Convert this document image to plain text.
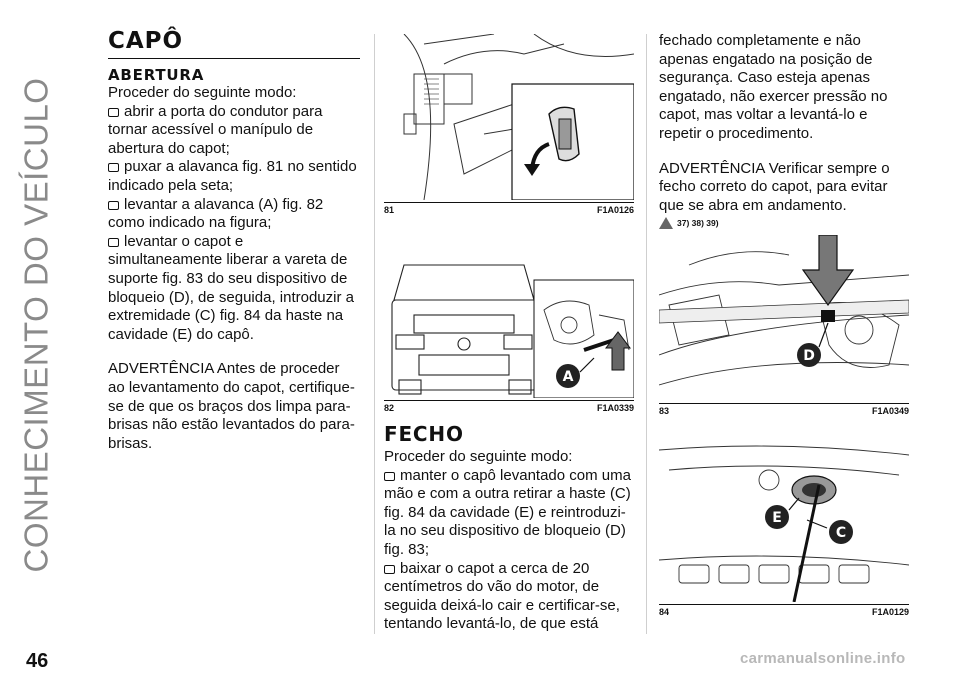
CONHECIMENTO DO VEÍCULO
CAPÔ
ABERTURA
Proceder do seguinte modo:
abrir a porta do condutor para tornar acessível o manípulo de abertura do capot;
puxar a alavanca fig. 81 no sentido indicado pela seta;
levantar a alavanca (A) fig. 82 como indicado na figura;
levantar o capot e simultaneamente liberar a vareta de suporte fig. 83 do seu dispositivo de bloqueio (D), de seguida, introduzir a extremidade (C) fig. 84 da haste na cavidade (E) do capô.
ADVERTÊNCIA Antes de proceder ao levantamento do capot, certifique-se de que os braços dos limpa para-brisas não estão levantados do para-brisas.
81	F1A0126
A
82	F1A0339
FECHO
Proceder do seguinte modo:
manter o capô levantado com uma mão e com a outra retirar a haste (C) fig. 84 da cavidade (E) e reintroduzi-la no seu dispositivo de bloqueio (D) fig. 83;
baixar o capot a cerca de 20 centímetros do vão do motor, de seguida deixá-lo cair e certificar-se, tentando levantá-lo, de que está
fechado completamente e não apenas engatado na posição de segurança. Caso esteja apenas engatado, não exercer pressão no capot, mas voltar a levantá-lo e repetir o procedimento.
ADVERTÊNCIA Verificar sempre o fecho correto do capot, para evitar que se abra em andamento.
37) 38) 39)
D
83	F1A0349
E
C
84	F1A0129
46	carmanualsonline.info
